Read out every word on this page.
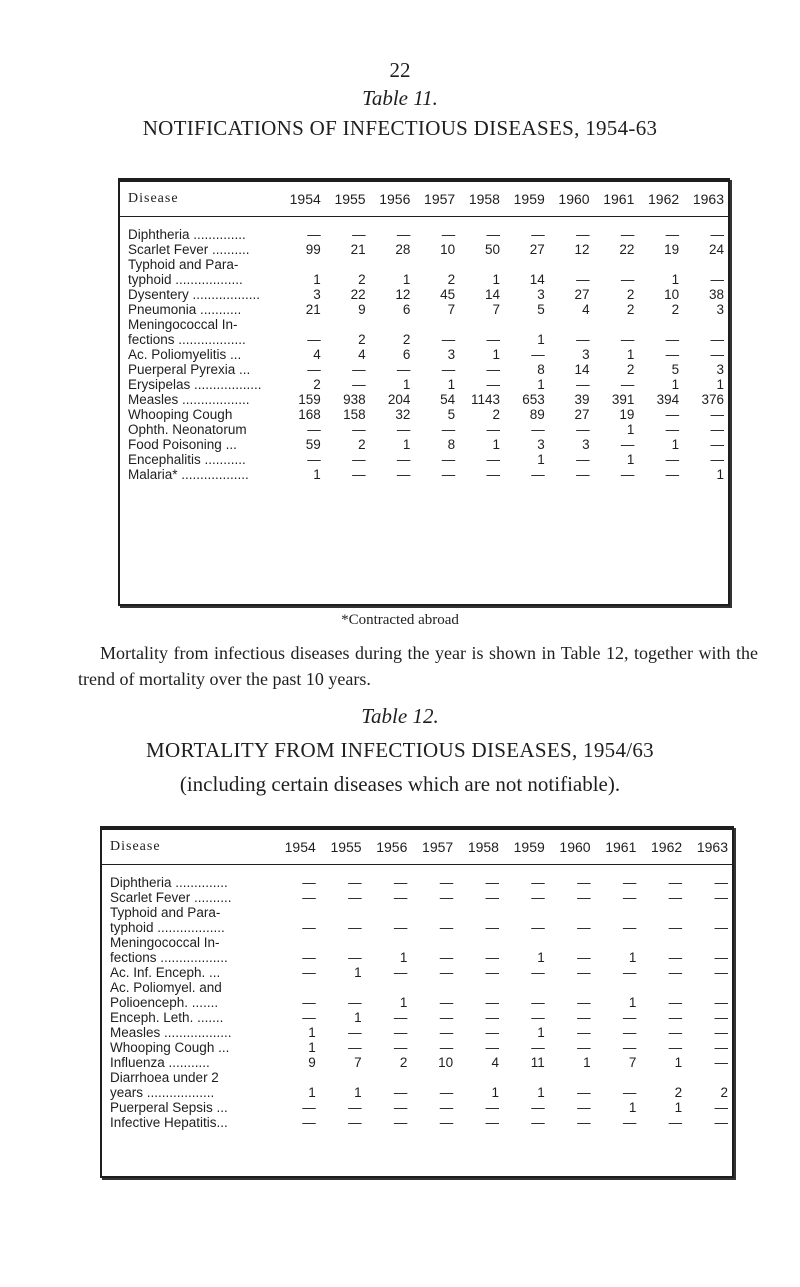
22
Table 11.
NOTIFICATIONS OF INFECTIOUS DISEASES, 1954-63
Disease	1954	1955	1956	1957	1958	1959	1960	1961	1962	1963

Diphtheria ..............	—	—	—	—	—	—	—	—	—	—
Scarlet Fever ..........	99	21	28	10	50	27	12	22	19	24
Typhoid and Para-										
typhoid ..................	1	2	1	2	1	14	—	—	1	—
Dysentery ..................	3	22	12	45	14	3	27	2	10	38
Pneumonia ...........	21	9	6	7	7	5	4	2	2	3
Meningococcal In-										
fections ..................	—	2	2	—	—	1	—	—	—	—
Ac. Poliomyelitis ...	4	4	6	3	1	—	3	1	—	—
Puerperal Pyrexia ...	—	—	—	—	—	8	14	2	5	3
Erysipelas ..................	2	—	1	1	—	1	—	—	1	1
Measles ..................	159	938	204	54	1143	653	39	391	394	376
Whooping Cough	168	158	32	5	2	89	27	19	—	—
Ophth. Neonatorum	—	—	—	—	—	—	—	1	—	—
Food Poisoning ...	59	2	1	8	1	3	3	—	1	—
Encephalitis ...........	—	—	—	—	—	1	—	1	—	—
Malaria* ..................	1	—	—	—	—	—	—	—	—	1
*Contracted abroad
Mortality from infectious diseases during the year is shown in Table 12, together with the trend of mortality over the past 10 years.
Table 12.
MORTALITY FROM INFECTIOUS DISEASES, 1954/63
(including certain diseases which are not notifiable).
Disease	1954	1955	1956	1957	1958	1959	1960	1961	1962	1963

Diphtheria ..............	—	—	—	—	—	—	—	—	—	—
Scarlet Fever ..........	—	—	—	—	—	—	—	—	—	—
Typhoid and Para-										
typhoid ..................	—	—	—	—	—	—	—	—	—	—
Meningococcal In-										
fections ..................	—	—	1	—	—	1	—	1	—	—
Ac. Inf. Enceph. ...	—	1	—	—	—	—	—	—	—	—
Ac. Poliomyel. and										
Polioenceph. .......	—	—	1	—	—	—	—	1	—	—
Enceph. Leth. .......	—	1	—	—	—	—	—	—	—	—
Measles ..................	1	—	—	—	—	1	—	—	—	—
Whooping Cough ...	1	—	—	—	—	—	—	—	—	—
Influenza ...........	9	7	2	10	4	11	1	7	1	—
Diarrhoea under 2										
years ..................	1	1	—	—	1	1	—	—	2	2
Puerperal Sepsis ...	—	—	—	—	—	—	—	1	1	—
Infective Hepatitis...	—	—	—	—	—	—	—	—	—	—
